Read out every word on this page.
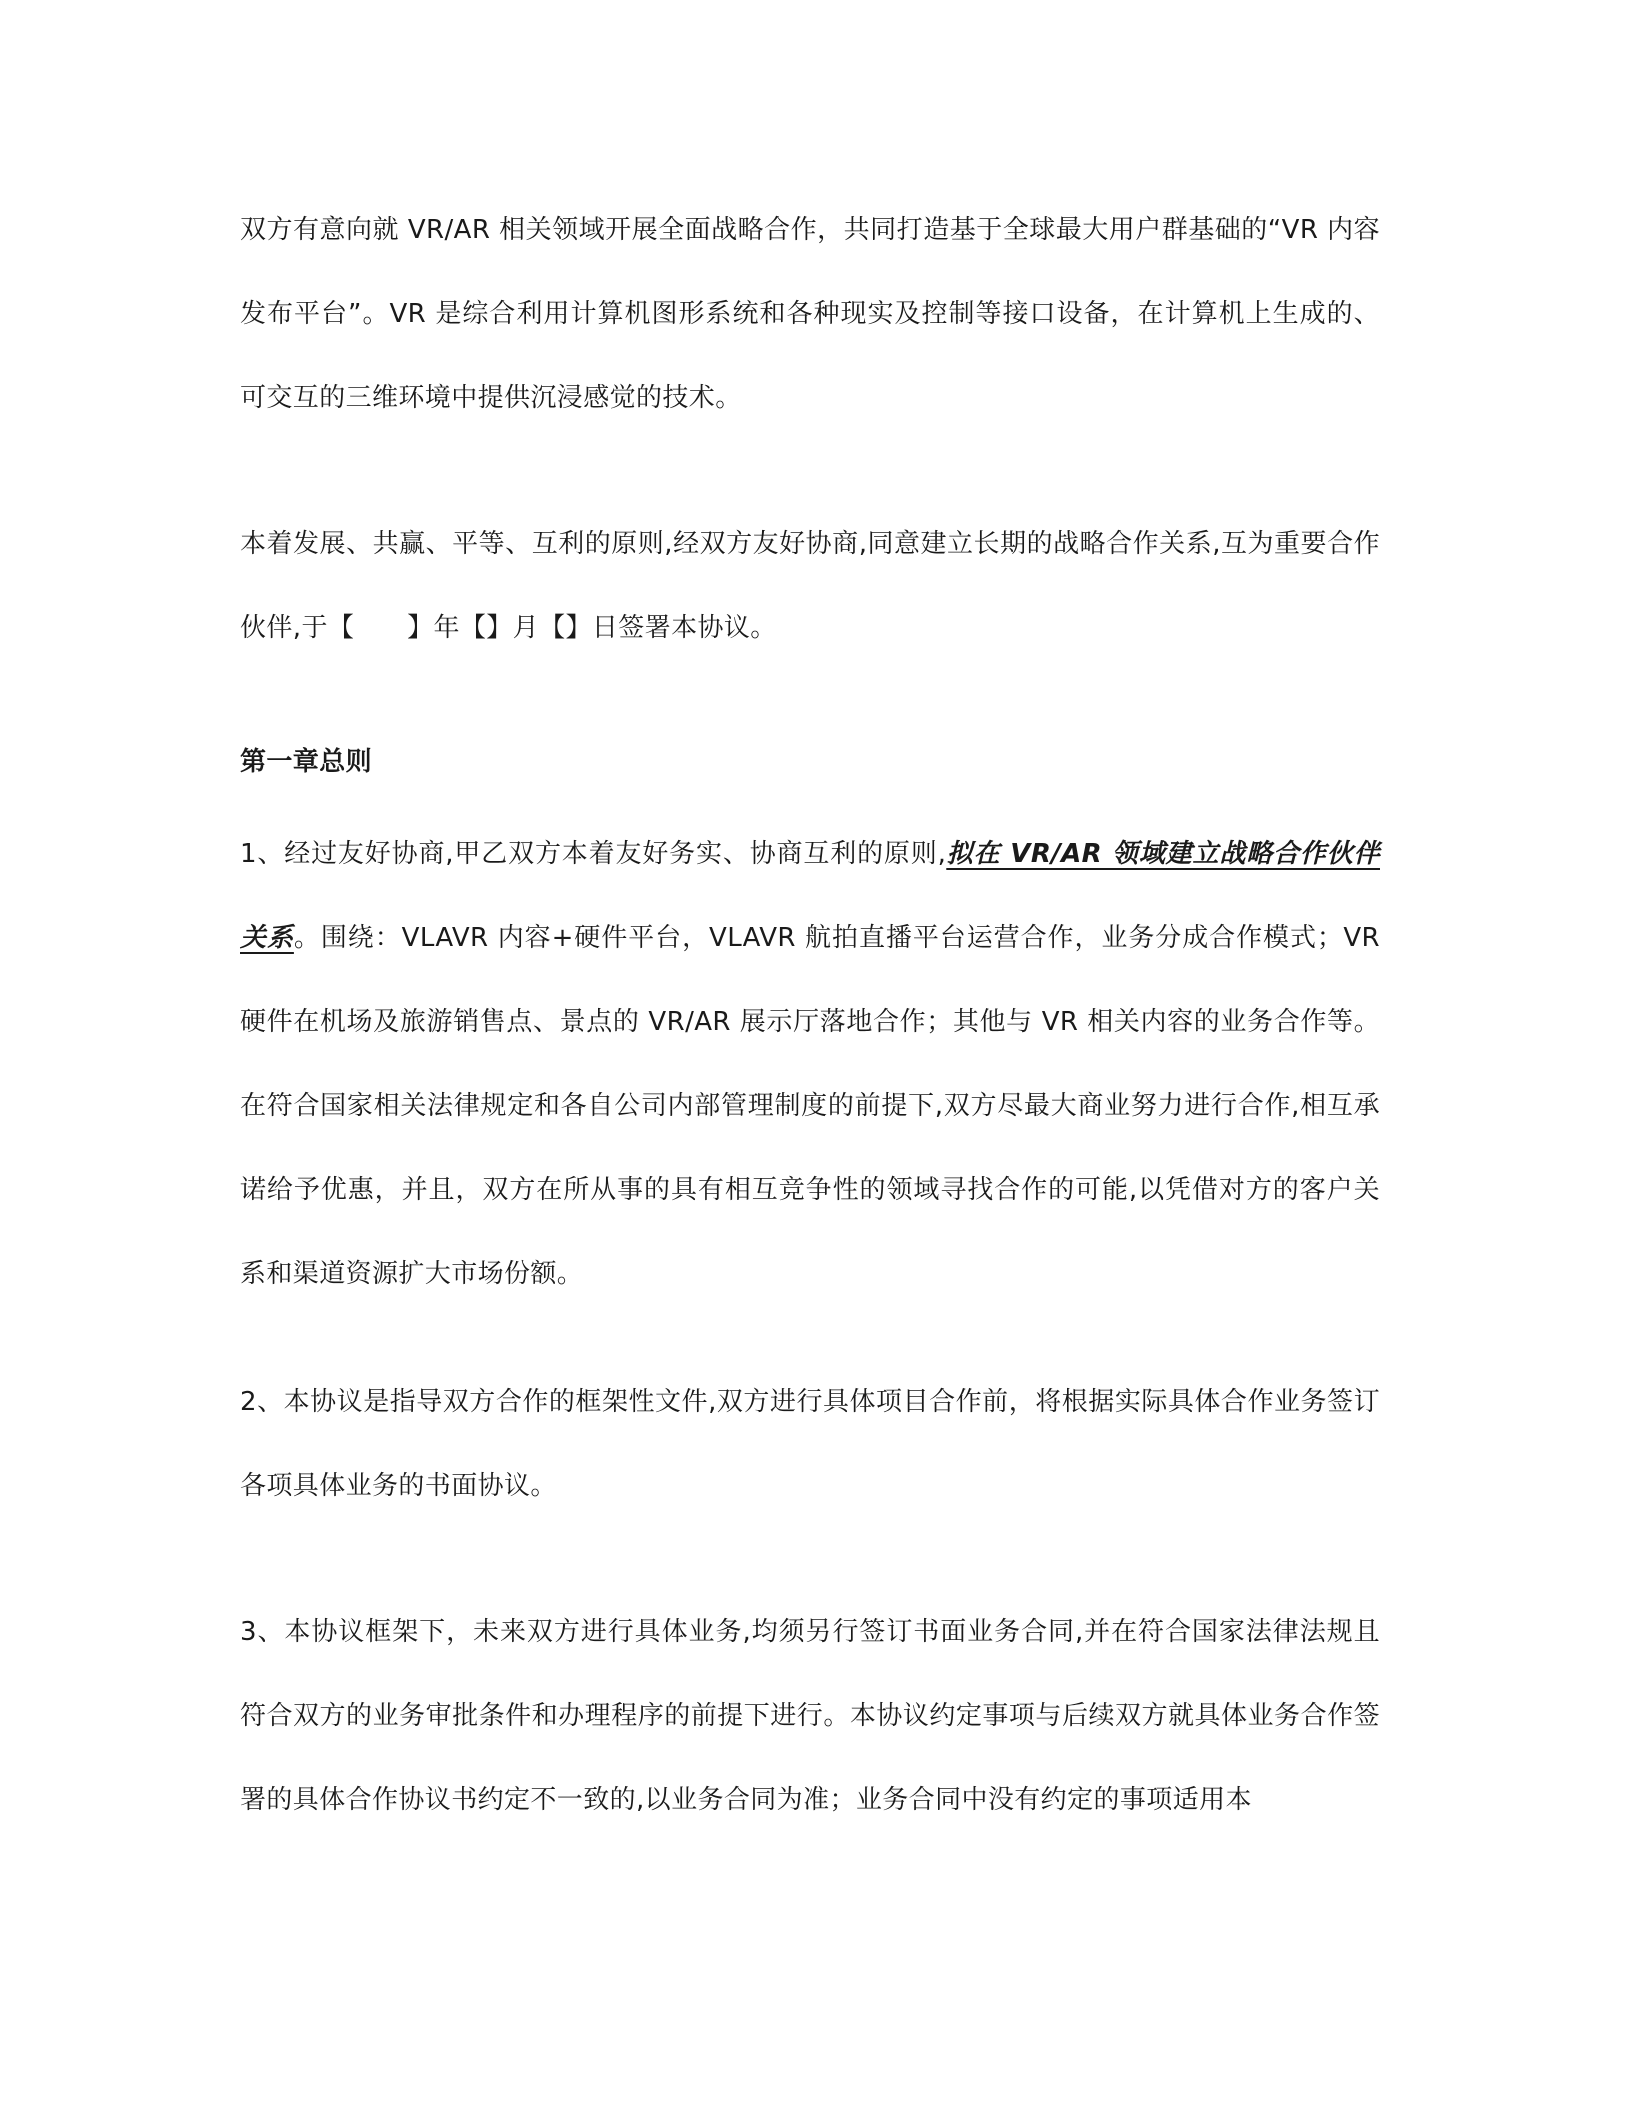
双方有意向就 VR/AR 相关领域开展全面战略合作，共同打造基于全球最大用户群基础的“VR 内容发布平台”。VR 是综合利用计算机图形系统和各种现实及控制等接口设备，在计算机上生成的、可交互的三维环境中提供沉浸感觉的技术。

本着发展、共赢、平等、互利的原则,经双方友好协商,同意建立长期的战略合作关系,互为重要合作伙伴,于【　　】年【】月【】日签署本协议。

第一章总则

1、经过友好协商,甲乙双方本着友好务实、协商互利的原则,拟在 VR/AR 领域建立战略合作伙伴关系。围绕：VLAVR 内容+硬件平台，VLAVR 航拍直播平台运营合作，业务分成合作模式；VR 硬件在机场及旅游销售点、景点的 VR/AR 展示厅落地合作；其他与 VR 相关内容的业务合作等。在符合国家相关法律规定和各自公司内部管理制度的前提下,双方尽最大商业努力进行合作,相互承诺给予优惠，并且，双方在所从事的具有相互竞争性的领域寻找合作的可能,以凭借对方的客户关系和渠道资源扩大市场份额。

2、本协议是指导双方合作的框架性文件,双方进行具体项目合作前，将根据实际具体合作业务签订各项具体业务的书面协议。

3、本协议框架下，未来双方进行具体业务,均须另行签订书面业务合同,并在符合国家法律法规且符合双方的业务审批条件和办理程序的前提下进行。本协议约定事项与后续双方就具体业务合作签署的具体合作协议书约定不一致的,以业务合同为准；业务合同中没有约定的事项适用本
